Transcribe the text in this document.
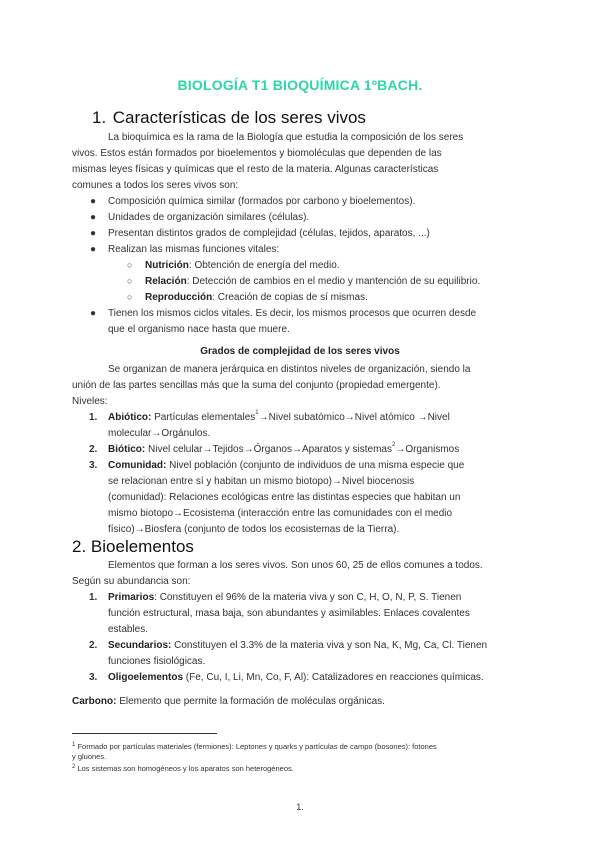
BIOLOGÍA T1 BIOQUÍMICA 1ºBACH.
1. Características de los seres vivos
La bioquímica es la rama de la Biología que estudia la composición de los seres
vivos. Estos están formados por bioelementos y biomoléculas que dependen de las
mismas leyes físicas y químicas que el resto de la materia. Algunas características
comunes a todos los seres vivos son:
● Composición química similar (formados por carbono y bioelementos).
● Unidades de organización similares (células).
● Presentan distintos grados de complejidad (células, tejidos, aparatos, ...)
● Realizan las mismas funciones vitales:
○ Nutrición: Obtención de energía del medio.
○ Relación: Detección de cambios en el medio y mantención de su equilibrio.
○ Reproducción: Creación de copias de sí mismas.
● Tienen los mismos ciclos vitales. Es decir, los mismos procesos que ocurren desde
que el organismo nace hasta que muere.
Grados de complejidad de los seres vivos
Se organizan de manera jerárquica en distintos niveles de organización, siendo la
unión de las partes sencillas más que la suma del conjunto (propiedad emergente).
Niveles:
1. Abiótico: Partículas elementales$^1$→Nivel subatómico→Nivel atómico →Nivel
molecular→Orgánulos.
2. Biótico: Nivel celular→Tejidos→Órganos→Aparatos y sistemas$^2$→Organismos
3. Comunidad: Nivel población (conjunto de individuos de una misma especie que
se relacionan entre sí y habitan un mismo biotopo)→Nivel biocenosis
(comunidad): Relaciones ecológicas entre las distintas especies que habitan un
mismo biotopo→Ecosistema (interacción entre las comunidades con el medio
físico)→Biosfera (conjunto de todos los ecosistemas de la Tierra).
2. Bioelementos
Elementos que forman a los seres vivos. Son unos 60, 25 de ellos comunes a todos.
Según su abundancia son:
1. Primarios: Constituyen el 96% de la materia viva y son C, H, O, N, P, S. Tienen
función estructural, masa baja, son abundantes y asimilables. Enlaces covalentes
estables.
2. Secundarios: Constituyen el 3.3% de la materia viva y son Na, K, Mg, Ca, Cl. Tienen
funciones fisiológicas.
3. Oligoelementos (Fe, Cu, I, Li, Mn, Co, F, Al): Catalizadores en reacciones químicas.
Carbono: Elemento que permite la formación de moléculas orgánicas.
$^1$ Formado por partículas materiales (fermiones): Leptones y quarks y partículas de campo (bosones): fotones
y gluones.
$^2$ Los sistemas son homogéneos y los aparatos son heterogéneos.
1.
